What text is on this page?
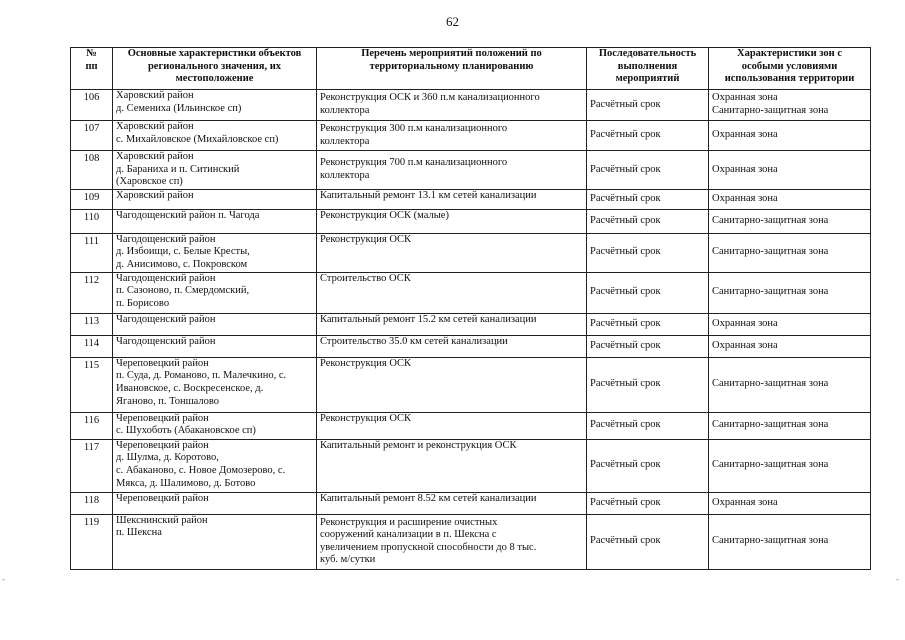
62
№
пп	Основные характеристики объектов
регионального значения, их
местоположение	Перечень мероприятий положений по
территориальному планированию	Последовательность
выполнения
мероприятий	Характеристики зон с
особыми условиями
использования территории

106	Харовский район
д. Семениха (Ильинское сп)	Реконструкция ОСК и 360 п.м канализационного
коллектора	Расчётный срок	Охранная зона
Санитарно-защитная зона

107	Харовский район
с. Михайловское (Михайловское сп)	Реконструкция 300 п.м канализационного
коллектора	Расчётный срок	Охранная зона

108	Харовский район
д. Бараниха и п. Ситинский
(Харовское сп)	Реконструкция 700 п.м канализационного
коллектора	Расчётный срок	Охранная зона

109	Харовский район	Капитальный ремонт 13.1 км сетей канализации	Расчётный срок	Охранная зона

110	Чагодощенский район п. Чагода	Реконструкция ОСК (малые)	Расчётный срок	Санитарно-защитная зона

111	Чагодощенский район
д. Избоищи, с. Белые Кресты,
д. Анисимово, с. Покровском	Реконструкция ОСК	Расчётный срок	Санитарно-защитная зона

112	Чагодощенский район
п. Сазоново, п. Смердомский,
п. Борисово	Строительство ОСК	Расчётный срок	Санитарно-защитная зона

113	Чагодощенский район	Капитальный ремонт 15.2 км сетей канализации	Расчётный срок	Охранная зона

114	Чагодощенский район	Строительство 35.0 км сетей канализации	Расчётный срок	Охранная зона

115	Череповецкий район
п. Суда, д. Романово, п. Малечкино, с.
Ивановское, с. Воскресенское, д.
Яганово, п. Тоншалово	Реконструкция ОСК	Расчётный срок	Санитарно-защитная зона

116	Череповецкий район
с. Шухоботь (Абакановское сп)	Реконструкция ОСК	Расчётный срок	Санитарно-защитная зона

117	Череповецкий район
д. Шулма, д. Коротово,
с. Абаканово, с. Новое Домозерово, с.
Мякса, д. Шалимово, д. Ботово	Капитальный ремонт и реконструкция ОСК	Расчётный срок	Санитарно-защитная зона

118	Череповецкий район	Капитальный ремонт 8.52 км сетей канализации	Расчётный срок	Охранная зона

119	Шекснинский район
п. Шексна	Реконструкция и расширение очистных
сооружений канализации в п. Шексна с
увеличением пропускной способности до 8 тыс.
куб. м/сутки	Расчётный срок	Санитарно-защитная зона
‐	‐
